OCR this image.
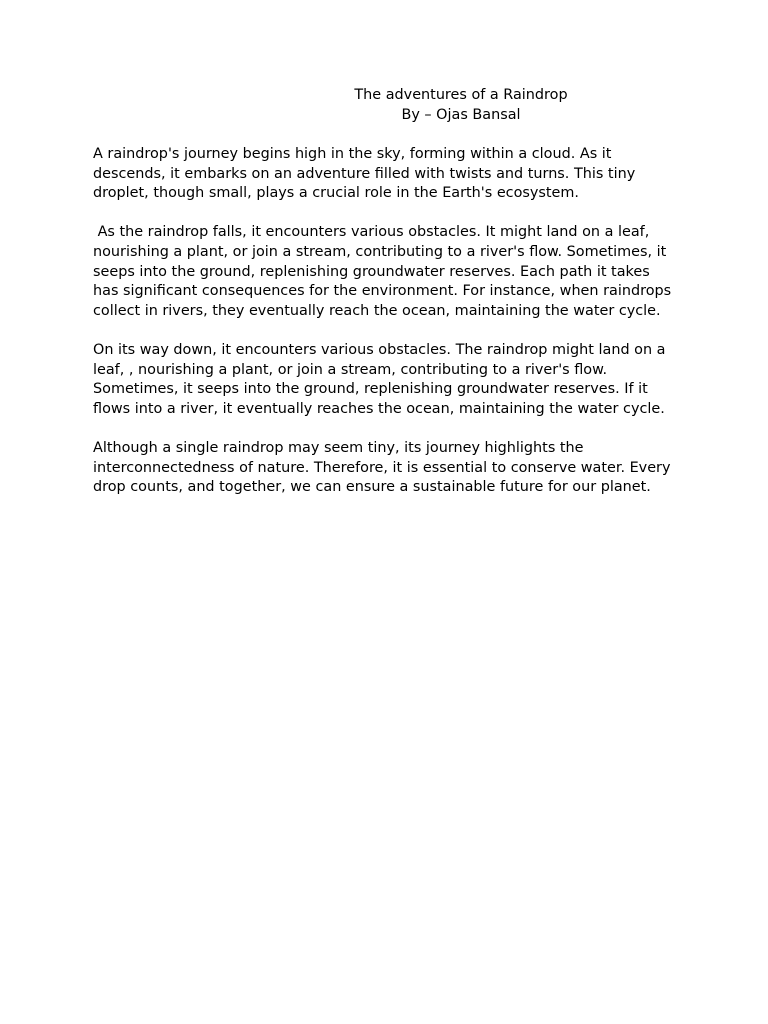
The adventures of a Raindrop
By – Ojas Bansal

A raindrop's journey begins high in the sky, forming within a cloud. As it descends, it embarks on an adventure filled with twists and turns. This tiny droplet, though small, plays a crucial role in the Earth's ecosystem.

As the raindrop falls, it encounters various obstacles. It might land on a leaf, nourishing a plant, or join a stream, contributing to a river's flow. Sometimes, it seeps into the ground, replenishing groundwater reserves. Each path it takes has significant consequences for the environment. For instance, when raindrops collect in rivers, they eventually reach the ocean, maintaining the water cycle.

On its way down, it encounters various obstacles. The raindrop might land on a leaf, , nourishing a plant, or join a stream, contributing to a river's flow. Sometimes, it seeps into the ground, replenishing groundwater reserves. If it flows into a river, it eventually reaches the ocean, maintaining the water cycle.

Although a single raindrop may seem tiny, its journey highlights the interconnectedness of nature. Therefore, it is essential to conserve water. Every drop counts, and together, we can ensure a sustainable future for our planet.
